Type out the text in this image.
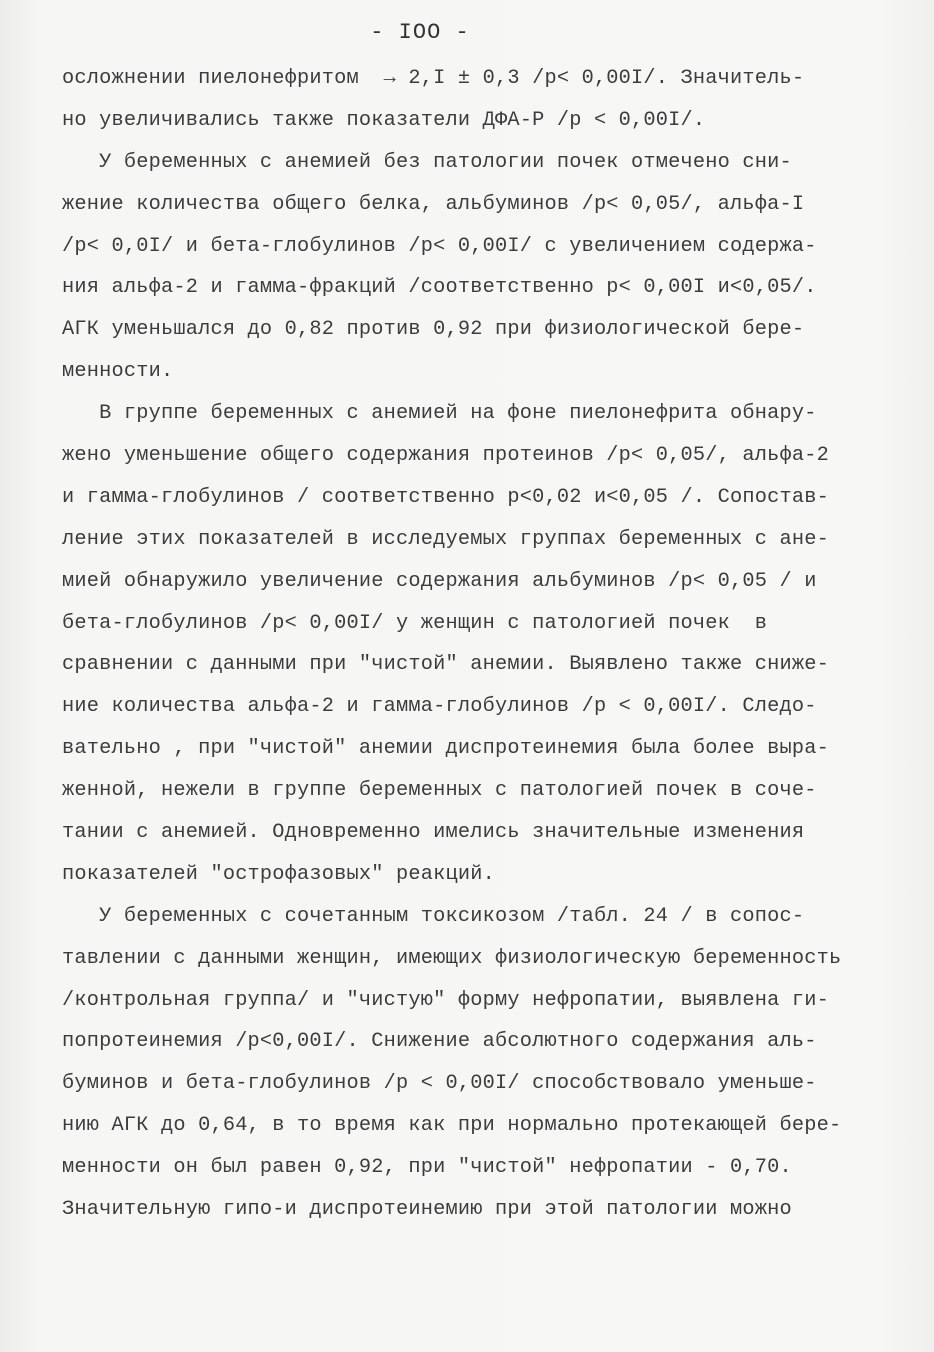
- IOO -
осложнении пиелонефритом  → 2,I ± 0,3 /p< 0,00I/. Значитель-
но увеличивались также показатели ДФА-Р /p < 0,00I/.
У беременных с анемией без патологии почек отмечено сни-
жение количества общего белка, альбуминов /p< 0,05/, альфа-I
/p< 0,0I/ и бета-глобулинов /p< 0,00I/ с увеличением содержа-
ния альфа-2 и гамма-фракций /соответственно p< 0,00I и<0,05/.
АГК уменьшался до 0,82 против 0,92 при физиологической бере-
менности.
В группе беременных с анемией на фоне пиелонефрита обнару-
жено уменьшение общего содержания протеинов /p< 0,05/, альфа-2
и гамма-глобулинов / соответственно p<0,02 и<0,05 /. Сопостав-
ление этих показателей в исследуемых группах беременных с ане-
мией обнаружило увеличение содержания альбуминов /p< 0,05 / и
бета-глобулинов /p< 0,00I/ у женщин с патологией почек  в
сравнении с данными при "чистой" анемии. Выявлено также сниже-
ние количества альфа-2 и гамма-глобулинов /p < 0,00I/. Следо-
вательно , при "чистой" анемии диспротеинемия была более выра-
женной, нежели в группе беременных с патологией почек в соче-
тании с анемией. Одновременно имелись значительные изменения
показателей "острофазовых" реакций.
У беременных с сочетанным токсикозом /табл. 24 / в сопос-
тавлении с данными женщин, имеющих физиологическую беременность
/контрольная группа/ и "чистую" форму нефропатии, выявлена ги-
попротеинемия /p<0,00I/. Снижение абсолютного содержания аль-
буминов и бета-глобулинов /p < 0,00I/ способствовало уменьше-
нию АГК до 0,64, в то время как при нормально протекающей бере-
менности он был равен 0,92, при "чистой" нефропатии - 0,70.
Значительную гипо-и диспротеинемию при этой патологии можно
